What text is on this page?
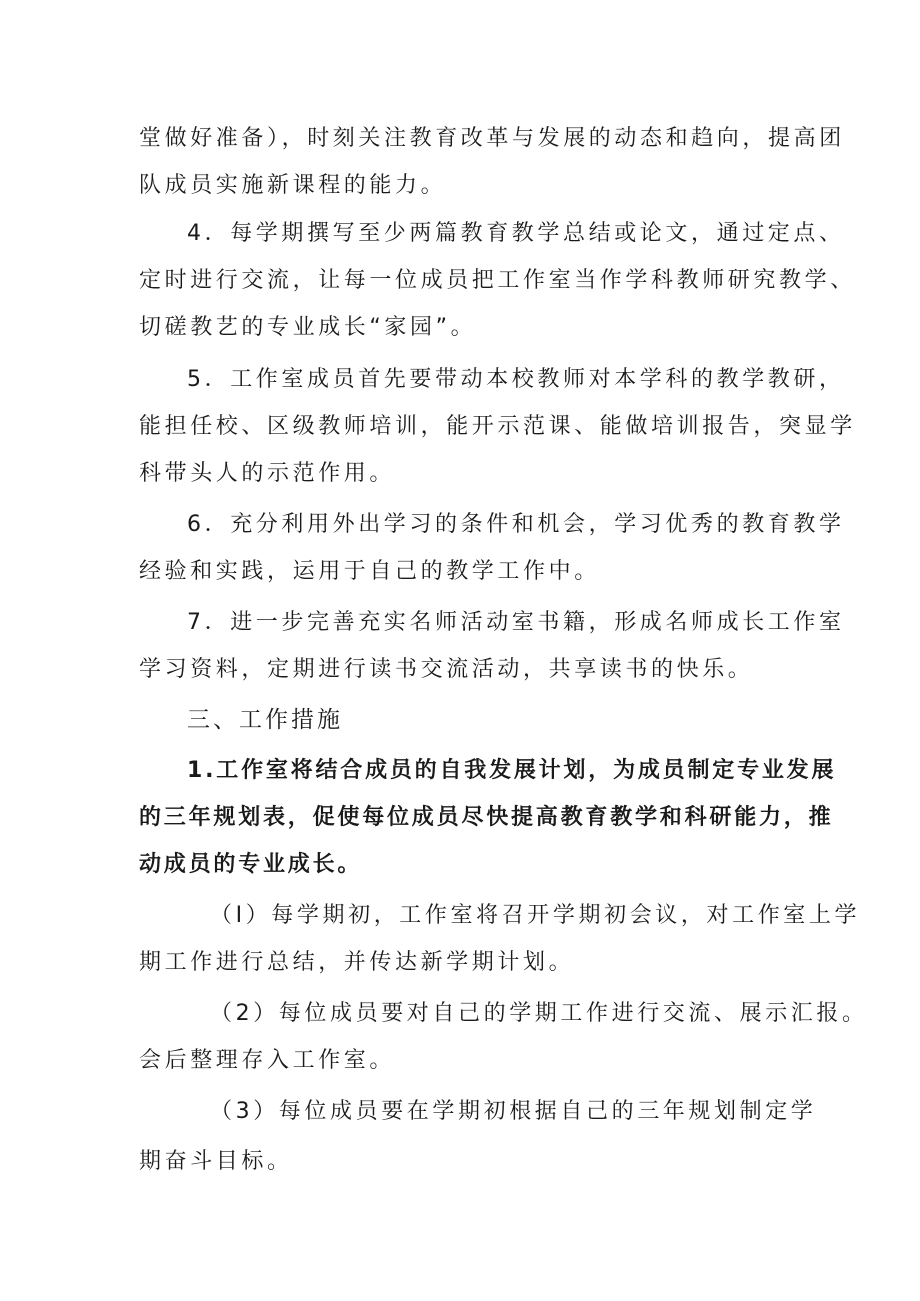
堂做好准备），时刻关注教育改革与发展的动态和趋向，提高团
队成员实施新课程的能力。
4．每学期撰写至少两篇教育教学总结或论文，通过定点、
定时进行交流，让每一位成员把工作室当作学科教师研究教学、
切磋教艺的专业成长“家园”。
5．工作室成员首先要带动本校教师对本学科的教学教研，
能担任校、区级教师培训，能开示范课、能做培训报告，突显学
科带头人的示范作用。
6．充分利用外出学习的条件和机会，学习优秀的教育教学
经验和实践，运用于自己的教学工作中。
7．进一步完善充实名师活动室书籍，形成名师成长工作室
学习资料，定期进行读书交流活动，共享读书的快乐。
三、工作措施
1.工作室将结合成员的自我发展计划，为成员制定专业发展
的三年规划表，促使每位成员尽快提高教育教学和科研能力，推
动成员的专业成长。
（I）每学期初，工作室将召开学期初会议，对工作室上学
期工作进行总结，并传达新学期计划。
（2）每位成员要对自己的学期工作进行交流、展示汇报。
会后整理存入工作室。
（3）每位成员要在学期初根据自己的三年规划制定学
期奋斗目标。
